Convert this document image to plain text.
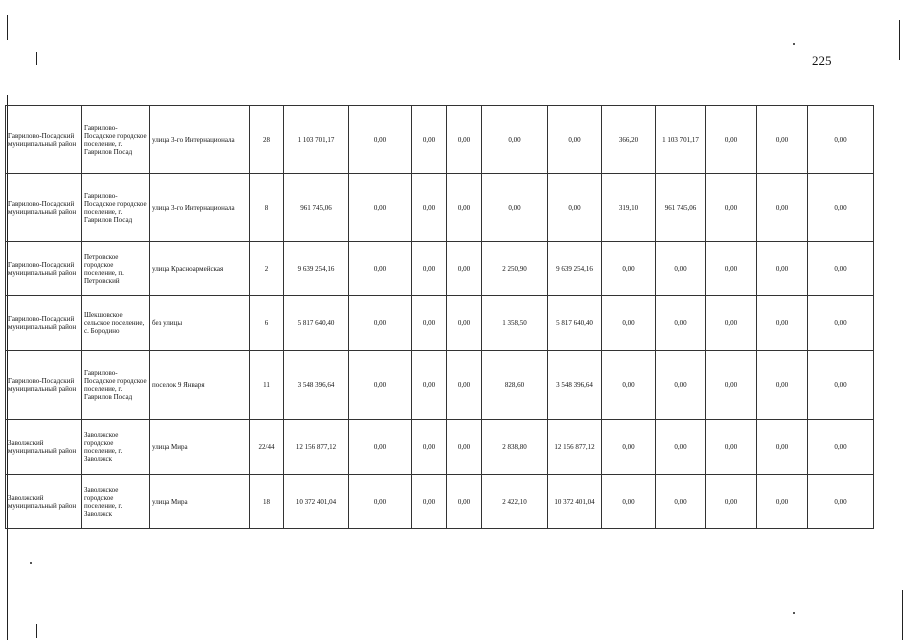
225
Гаврилово-Посадский муниципальный район	Гаврилово-Посадское городское поселение, г. Гаврилов Посад	улица 3-го Интернационала	28	1 103 701,17	0,00	0,00	0,00	0,00	0,00	366,20	1 103 701,17	0,00	0,00	0,00
Гаврилово-Посадский муниципальный район	Гаврилово-Посадское городское поселение, г. Гаврилов Посад	улица 3-го Интернационала	8	961 745,06	0,00	0,00	0,00	0,00	0,00	319,10	961 745,06	0,00	0,00	0,00
Гаврилово-Посадский муниципальный район	Петровское городское поселение, п. Петровский	улица Красноармейская	2	9 639 254,16	0,00	0,00	0,00	2 250,90	9 639 254,16	0,00	0,00	0,00	0,00	0,00
Гаврилово-Посадский муниципальный район	Шекшовское сельское поселение, с. Бородино	без улицы	6	5 817 640,40	0,00	0,00	0,00	1 358,50	5 817 640,40	0,00	0,00	0,00	0,00	0,00
Гаврилово-Посадский муниципальный район	Гаврилово-Посадское городское поселение, г. Гаврилов Посад	поселок 9 Января	11	3 548 396,64	0,00	0,00	0,00	828,60	3 548 396,64	0,00	0,00	0,00	0,00	0,00
Заволжский муниципальный район	Заволжское городское поселение, г. Заволжск	улица Мира	22/44	12 156 877,12	0,00	0,00	0,00	2 838,80	12 156 877,12	0,00	0,00	0,00	0,00	0,00
Заволжский муниципальный район	Заволжское городское поселение, г. Заволжск	улица Мира	18	10 372 401,04	0,00	0,00	0,00	2 422,10	10 372 401,04	0,00	0,00	0,00	0,00	0,00
